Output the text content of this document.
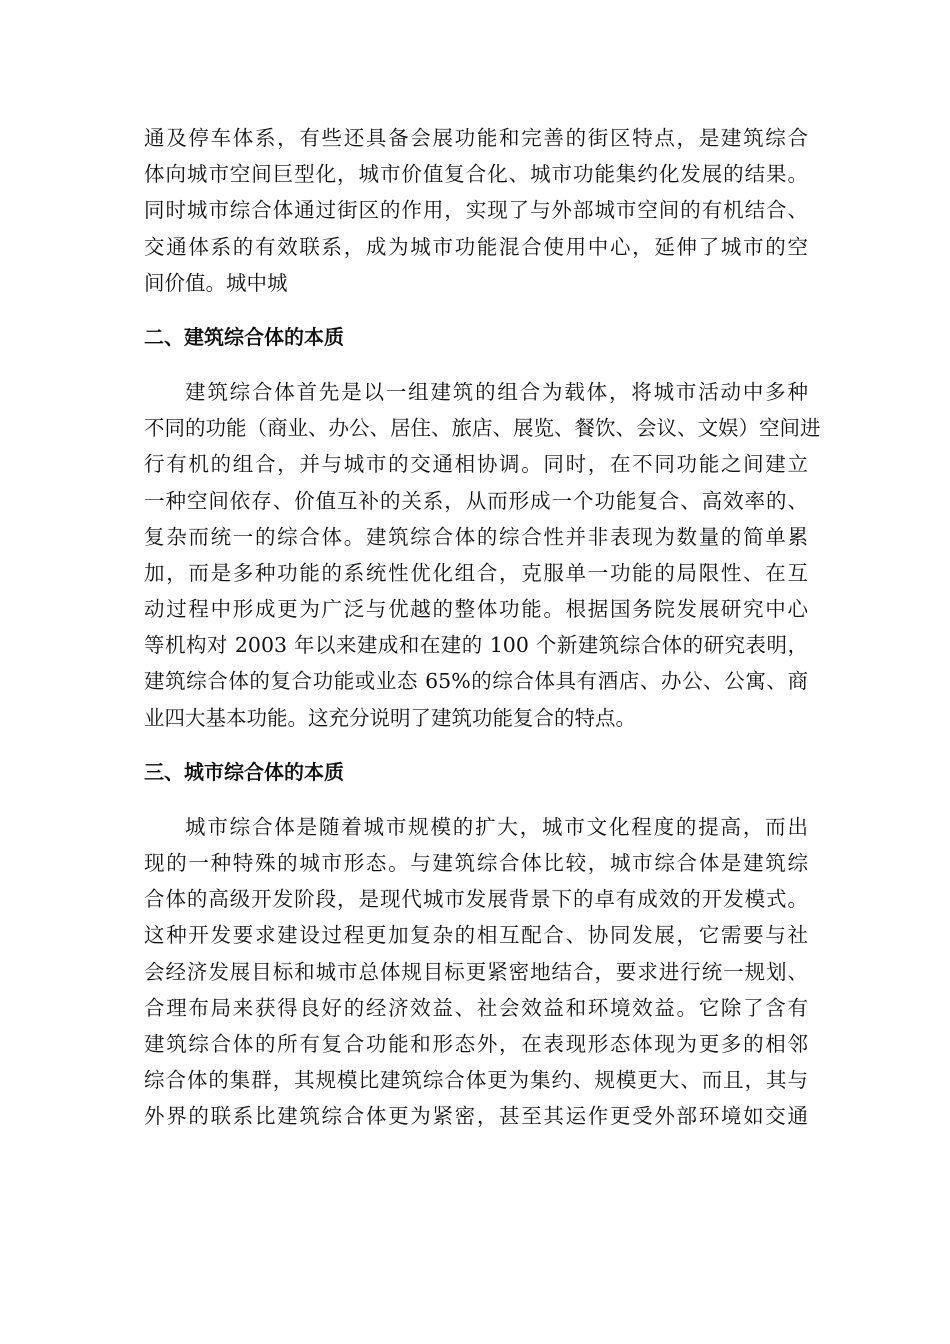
通及停车体系，有些还具备会展功能和完善的街区特点，是建筑综合
体向城市空间巨型化，城市价值复合化、城市功能集约化发展的结果。
同时城市综合体通过街区的作用，实现了与外部城市空间的有机结合、
交通体系的有效联系，成为城市功能混合使用中心，延伸了城市的空
间价值。城中城
二、建筑综合体的本质
建筑综合体首先是以一组建筑的组合为载体，将城市活动中多种
不同的功能（商业、办公、居住、旅店、展览、餐饮、会议、文娱）空间进
行有机的组合，并与城市的交通相协调。同时，在不同功能之间建立
一种空间依存、价值互补的关系，从而形成一个功能复合、高效率的、
复杂而统一的综合体。建筑综合体的综合性并非表现为数量的简单累
加，而是多种功能的系统性优化组合，克服单一功能的局限性、在互
动过程中形成更为广泛与优越的整体功能。根据国务院发展研究中心
等机构对 2003 年以来建成和在建的 100 个新建筑综合体的研究表明，
建筑综合体的复合功能或业态 65%的综合体具有酒店、办公、公寓、商
业四大基本功能。这充分说明了建筑功能复合的特点。
三、城市综合体的本质
城市综合体是随着城市规模的扩大，城市文化程度的提高，而出
现的一种特殊的城市形态。与建筑综合体比较，城市综合体是建筑综
合体的高级开发阶段，是现代城市发展背景下的卓有成效的开发模式。
这种开发要求建设过程更加复杂的相互配合、协同发展，它需要与社
会经济发展目标和城市总体规目标更紧密地结合，要求进行统一规划、
合理布局来获得良好的经济效益、社会效益和环境效益。它除了含有
建筑综合体的所有复合功能和形态外，在表现形态体现为更多的相邻
综合体的集群，其规模比建筑综合体更为集约、规模更大、而且，其与
外界的联系比建筑综合体更为紧密，甚至其运作更受外部环境如交通
